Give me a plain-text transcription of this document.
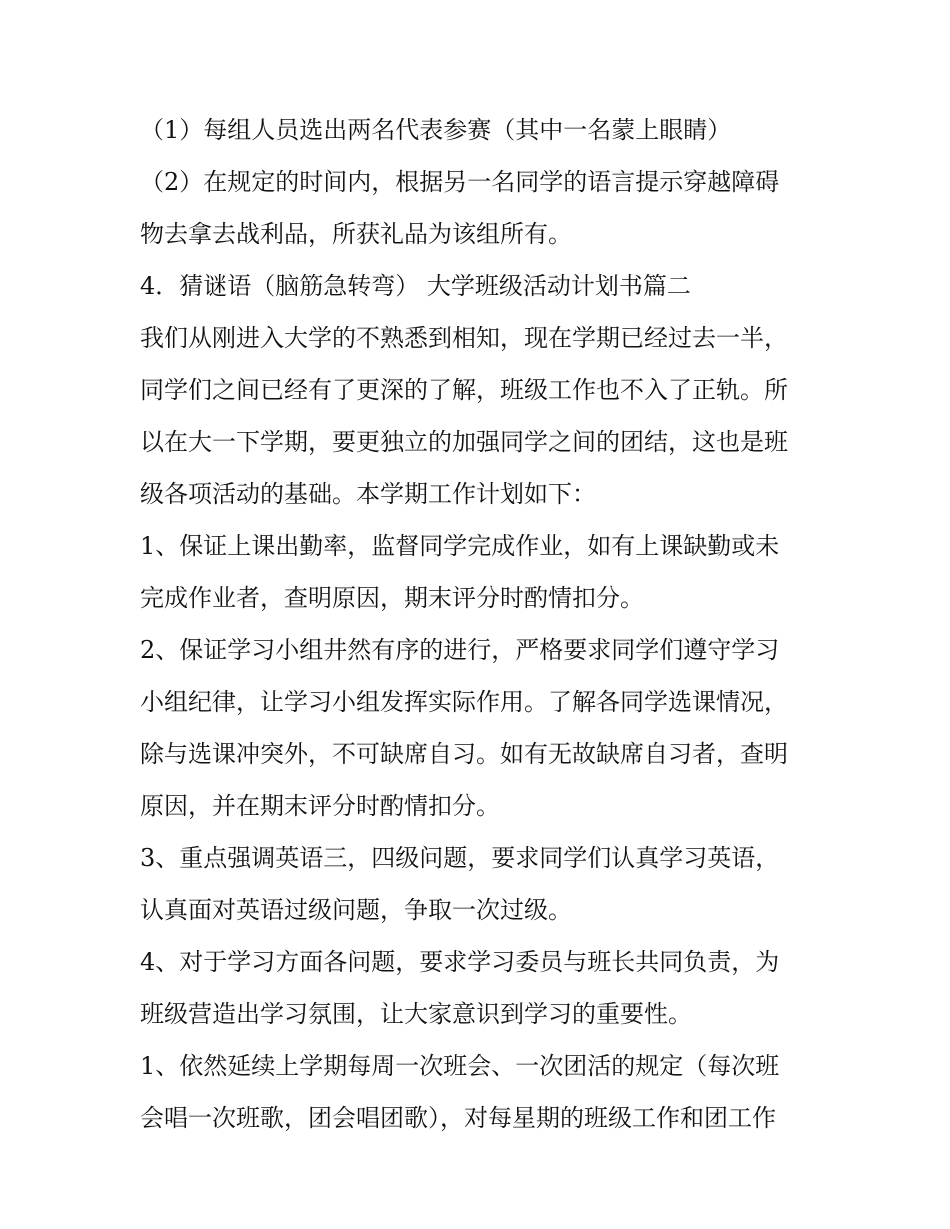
（1）每组人员选出两名代表参赛（其中一名蒙上眼睛）
（2）在规定的时间内，根据另一名同学的语言提示穿越障碍
物去拿去战利品，所获礼品为该组所有。
4．猜谜语（脑筋急转弯） 大学班级活动计划书篇二
我们从刚进入大学的不熟悉到相知，现在学期已经过去一半，
同学们之间已经有了更深的了解，班级工作也不入了正轨。所
以在大一下学期，要更独立的加强同学之间的团结，这也是班
级各项活动的基础。本学期工作计划如下：
1、保证上课出勤率，监督同学完成作业，如有上课缺勤或未
完成作业者，查明原因，期末评分时酌情扣分。
2、保证学习小组井然有序的进行，严格要求同学们遵守学习
小组纪律，让学习小组发挥实际作用。了解各同学选课情况，
除与选课冲突外，不可缺席自习。如有无故缺席自习者，查明
原因，并在期末评分时酌情扣分。
3、重点强调英语三，四级问题，要求同学们认真学习英语，
认真面对英语过级问题，争取一次过级。
4、对于学习方面各问题，要求学习委员与班长共同负责，为
班级营造出学习氛围，让大家意识到学习的重要性。
1、依然延续上学期每周一次班会、一次团活的规定（每次班
会唱一次班歌，团会唱团歌），对每星期的班级工作和团工作
